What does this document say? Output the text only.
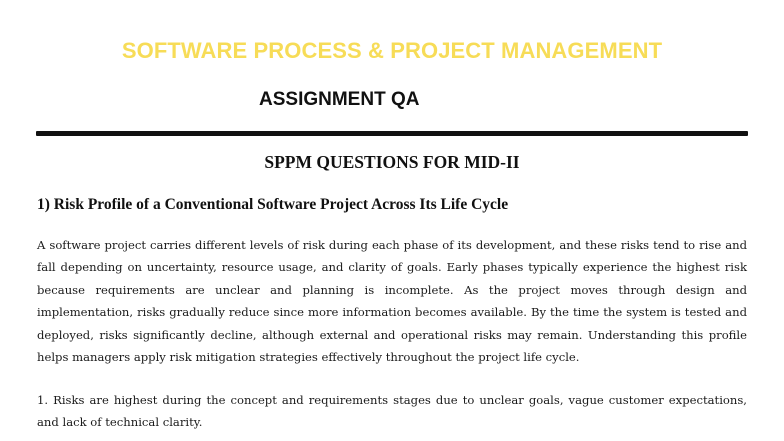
SOFTWARE PROCESS & PROJECT MANAGEMENT
ASSIGNMENT QA
SPPM QUESTIONS FOR MID-II
1) Risk Profile of a Conventional Software Project Across Its Life Cycle

A software project carries different levels of risk during each phase of its development, and these risks tend to rise and fall depending on uncertainty, resource usage, and clarity of goals. Early phases typically experience the highest risk because requirements are unclear and planning is incomplete. As the project moves through design and implementation, risks gradually reduce since more information becomes available. By the time the system is tested and deployed, risks significantly decline, although external and operational risks may remain. Understanding this profile helps managers apply risk mitigation strategies effectively throughout the project life cycle.

1. Risks are highest during the concept and requirements stages due to unclear goals, vague customer expectations, and lack of technical clarity.
